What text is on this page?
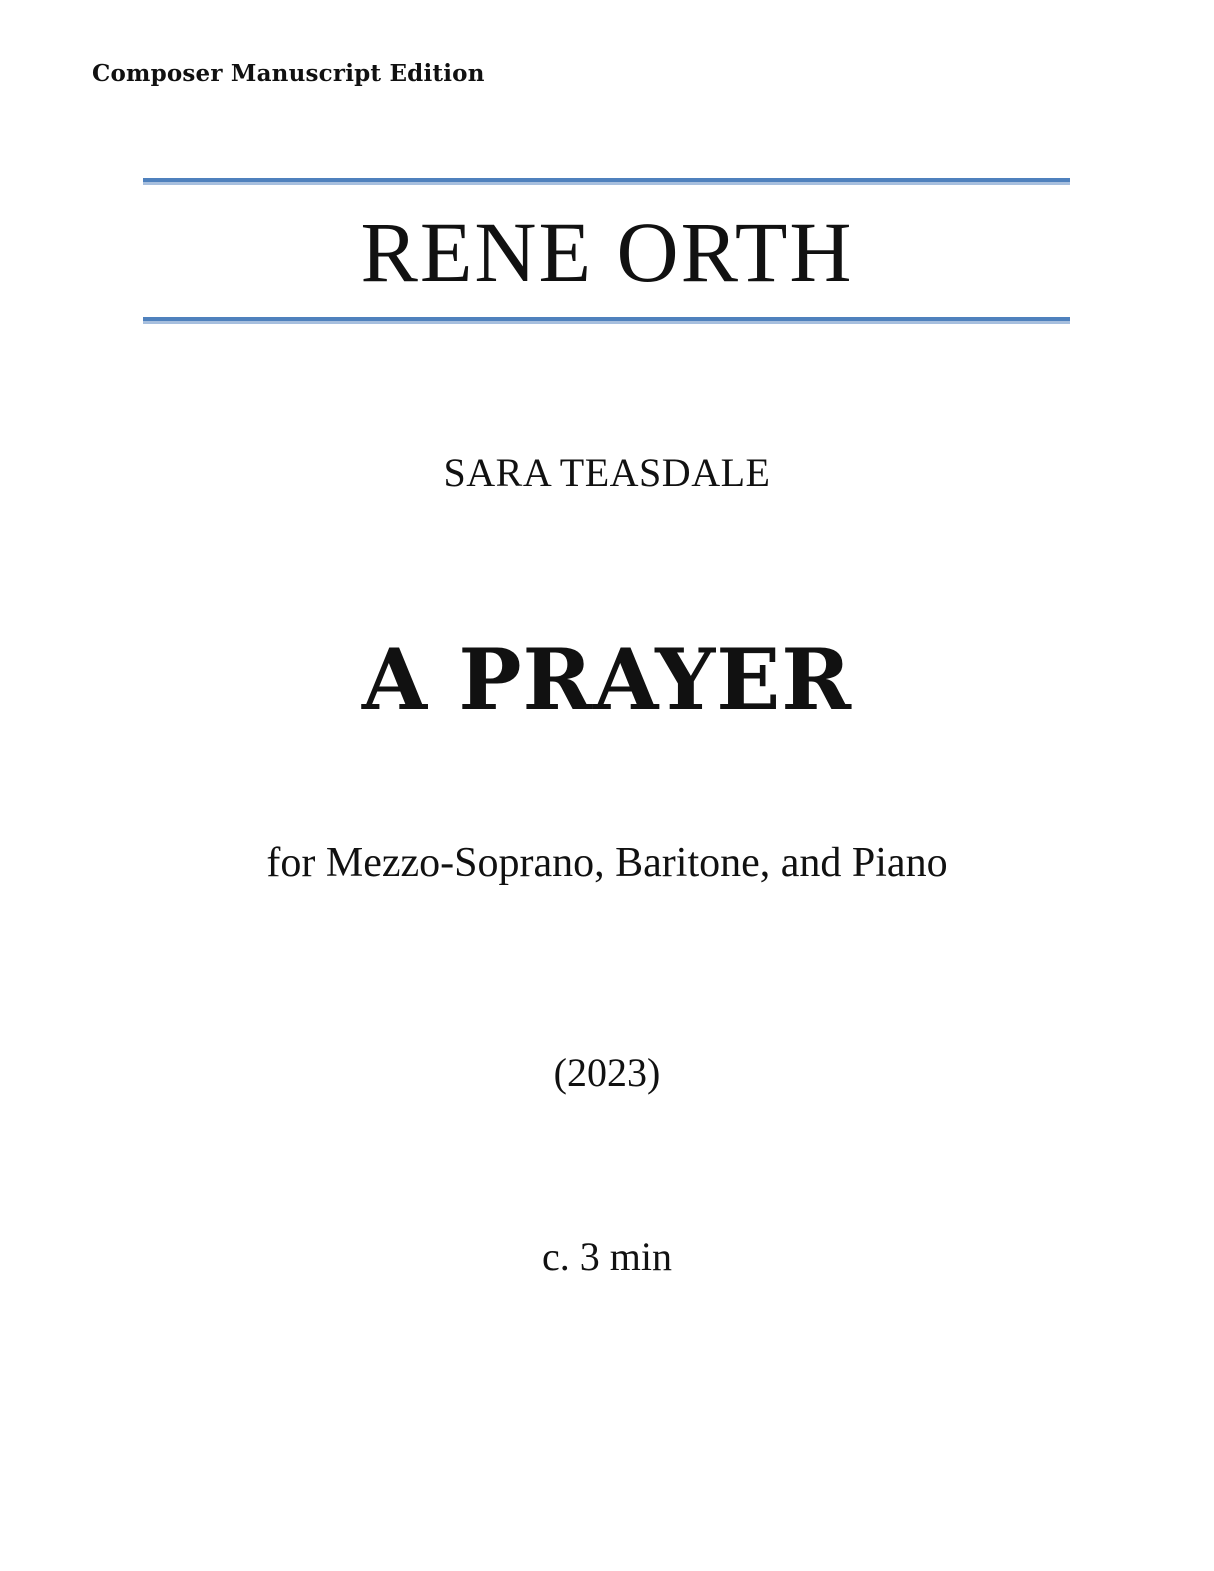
Composer Manuscript Edition
RENE ORTH
SARA TEASDALE
A PRAYER
for Mezzo-Soprano, Baritone, and Piano
(2023)
c. 3 min
